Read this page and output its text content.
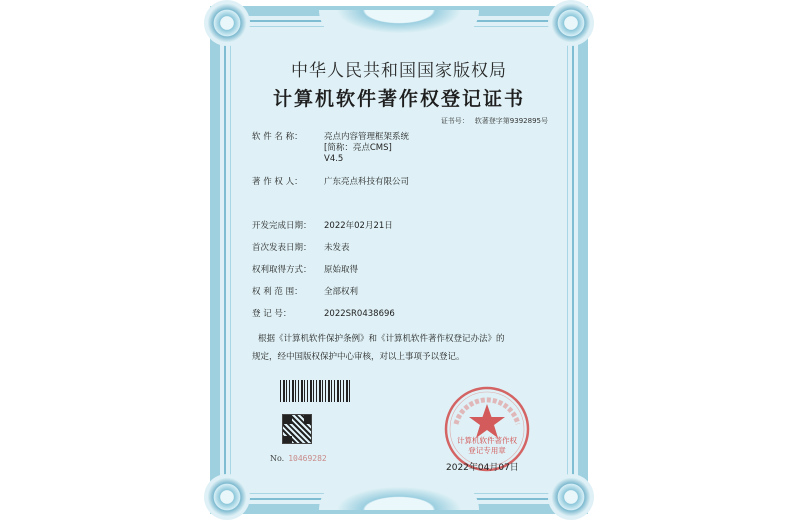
中华人民共和国国家版权局
计算机软件著作权登记证书
证书号： 软著登字第9392895号
软 件 名 称：	亮点内容管理框架系统
[简称：亮点CMS]
V4.5
著 作 权 人：	广东亮点科技有限公司
开发完成日期： 2022年02月21日
首次发表日期： 未发表
权利取得方式： 原始取得
权 利 范 围：	全部权利
登 记 号：	2022SR0438696
根据《计算机软件保护条例》和《计算机软件著作权登记办法》的
规定，经中国版权保护中心审核，对以上事项予以登记。
No. 10469282
计算机软件著作权
登记专用章
2022年04月07日
